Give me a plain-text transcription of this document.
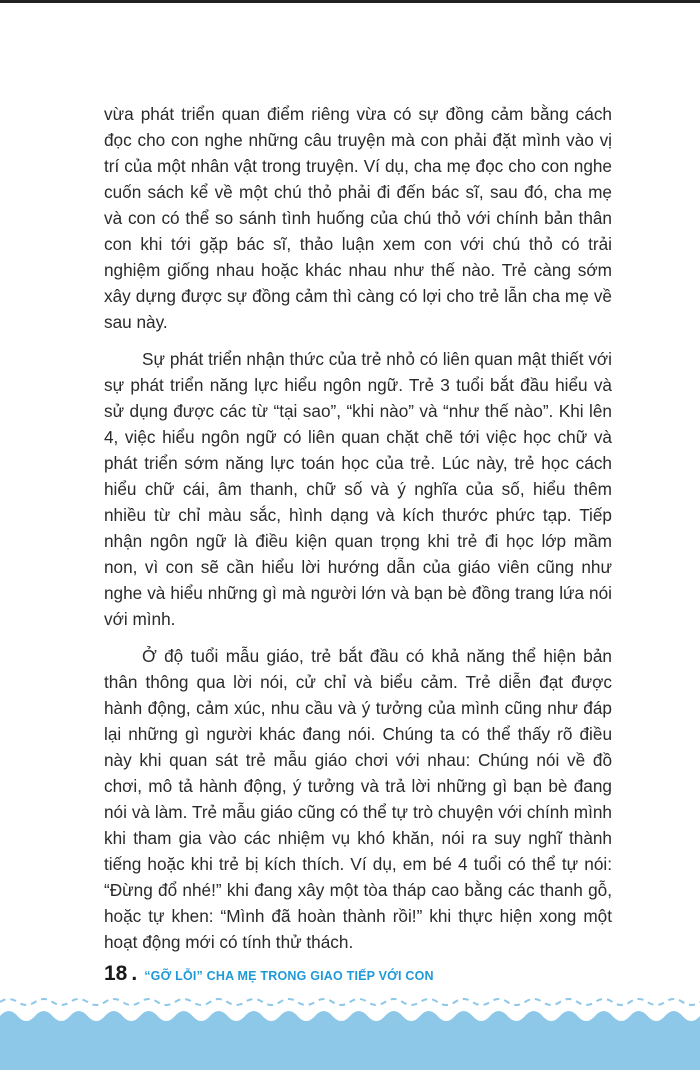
vừa phát triển quan điểm riêng vừa có sự đồng cảm bằng cách đọc cho con nghe những câu truyện mà con phải đặt mình vào vị trí của một nhân vật trong truyện. Ví dụ, cha mẹ đọc cho con nghe cuốn sách kể về một chú thỏ phải đi đến bác sĩ, sau đó, cha mẹ và con có thể so sánh tình huống của chú thỏ với chính bản thân con khi tới gặp bác sĩ, thảo luận xem con với chú thỏ có trải nghiệm giống nhau hoặc khác nhau như thế nào. Trẻ càng sớm xây dựng được sự đồng cảm thì càng có lợi cho trẻ lẫn cha mẹ về sau này.

Sự phát triển nhận thức của trẻ nhỏ có liên quan mật thiết với sự phát triển năng lực hiểu ngôn ngữ. Trẻ 3 tuổi bắt đầu hiểu và sử dụng được các từ “tại sao”, “khi nào” và “như thế nào”. Khi lên 4, việc hiểu ngôn ngữ có liên quan chặt chẽ tới việc học chữ và phát triển sớm năng lực toán học của trẻ. Lúc này, trẻ học cách hiểu chữ cái, âm thanh, chữ số và ý nghĩa của số, hiểu thêm nhiều từ chỉ màu sắc, hình dạng và kích thước phức tạp. Tiếp nhận ngôn ngữ là điều kiện quan trọng khi trẻ đi học lớp mầm non, vì con sẽ cần hiểu lời hướng dẫn của giáo viên cũng như nghe và hiểu những gì mà người lớn và bạn bè đồng trang lứa nói với mình.

Ở độ tuổi mẫu giáo, trẻ bắt đầu có khả năng thể hiện bản thân thông qua lời nói, cử chỉ và biểu cảm. Trẻ diễn đạt được hành động, cảm xúc, nhu cầu và ý tưởng của mình cũng như đáp lại những gì người khác đang nói. Chúng ta có thể thấy rõ điều này khi quan sát trẻ mẫu giáo chơi với nhau: Chúng nói về đồ chơi, mô tả hành động, ý tưởng và trả lời những gì bạn bè đang nói và làm. Trẻ mẫu giáo cũng có thể tự trò chuyện với chính mình khi tham gia vào các nhiệm vụ khó khăn, nói ra suy nghĩ thành tiếng hoặc khi trẻ bị kích thích. Ví dụ, em bé 4 tuổi có thể tự nói: “Đừng đổ nhé!” khi đang xây một tòa tháp cao bằng các thanh gỗ, hoặc tự khen: “Mình đã hoàn thành rồi!” khi thực hiện xong một hoạt động mới có tính thử thách.

18 . “GỠ LỖI” CHA MẸ TRONG GIAO TIẾP VỚI CON
